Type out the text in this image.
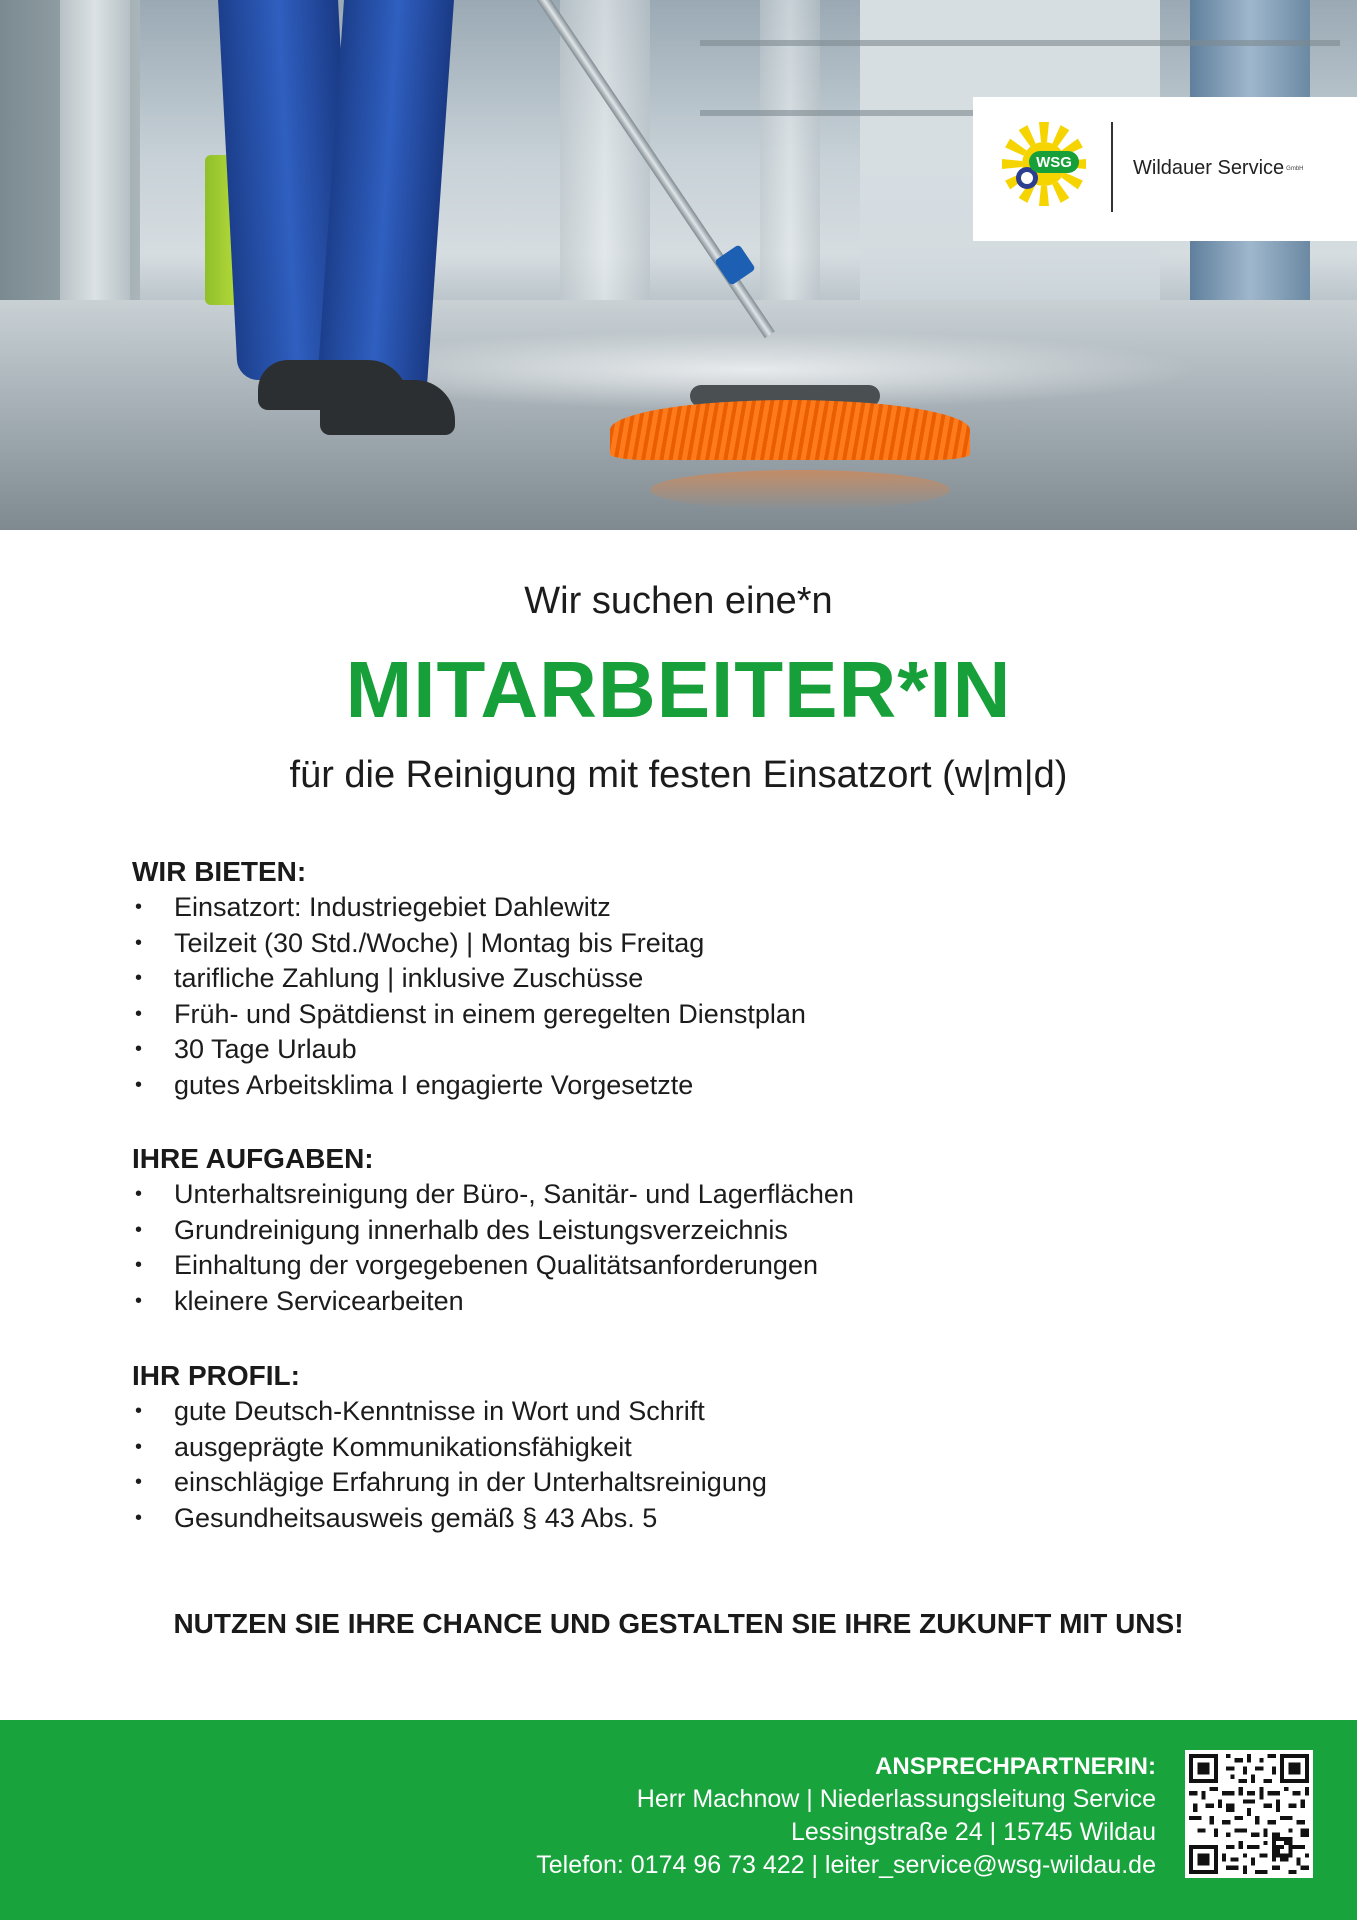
WSG	Wildauer Service GmbH
Wir suchen eine*n
MITARBEITER*IN
für die Reinigung mit festen Einsatzort (w|m|d)
WIR BIETEN:
• Einsatzort: Industriegebiet Dahlewitz
• Teilzeit (30 Std./Woche) | Montag bis Freitag
• tarifliche Zahlung | inklusive Zuschüsse
• Früh- und Spätdienst in einem geregelten Dienstplan
• 30 Tage Urlaub
• gutes Arbeitsklima I engagierte Vorgesetzte
IHRE AUFGABEN:
• Unterhaltsreinigung der Büro-, Sanitär- und Lagerflächen
• Grundreinigung innerhalb des Leistungsverzeichnis
• Einhaltung der vorgegebenen Qualitätsanforderungen
• kleinere Servicearbeiten
IHR PROFIL:
• gute Deutsch-Kenntnisse in Wort und Schrift
• ausgeprägte Kommunikationsfähigkeit
• einschlägige Erfahrung in der Unterhaltsreinigung
• Gesundheitsausweis gemäß § 43 Abs. 5
NUTZEN SIE IHRE CHANCE UND GESTALTEN SIE IHRE ZUKUNFT MIT UNS!
ANSPRECHPARTNERIN:
Herr Machnow | Niederlassungsleitung Service
Lessingstraße 24 | 15745 Wildau
Telefon: 0174 96 73 422 | leiter_service@wsg-wildau.de
